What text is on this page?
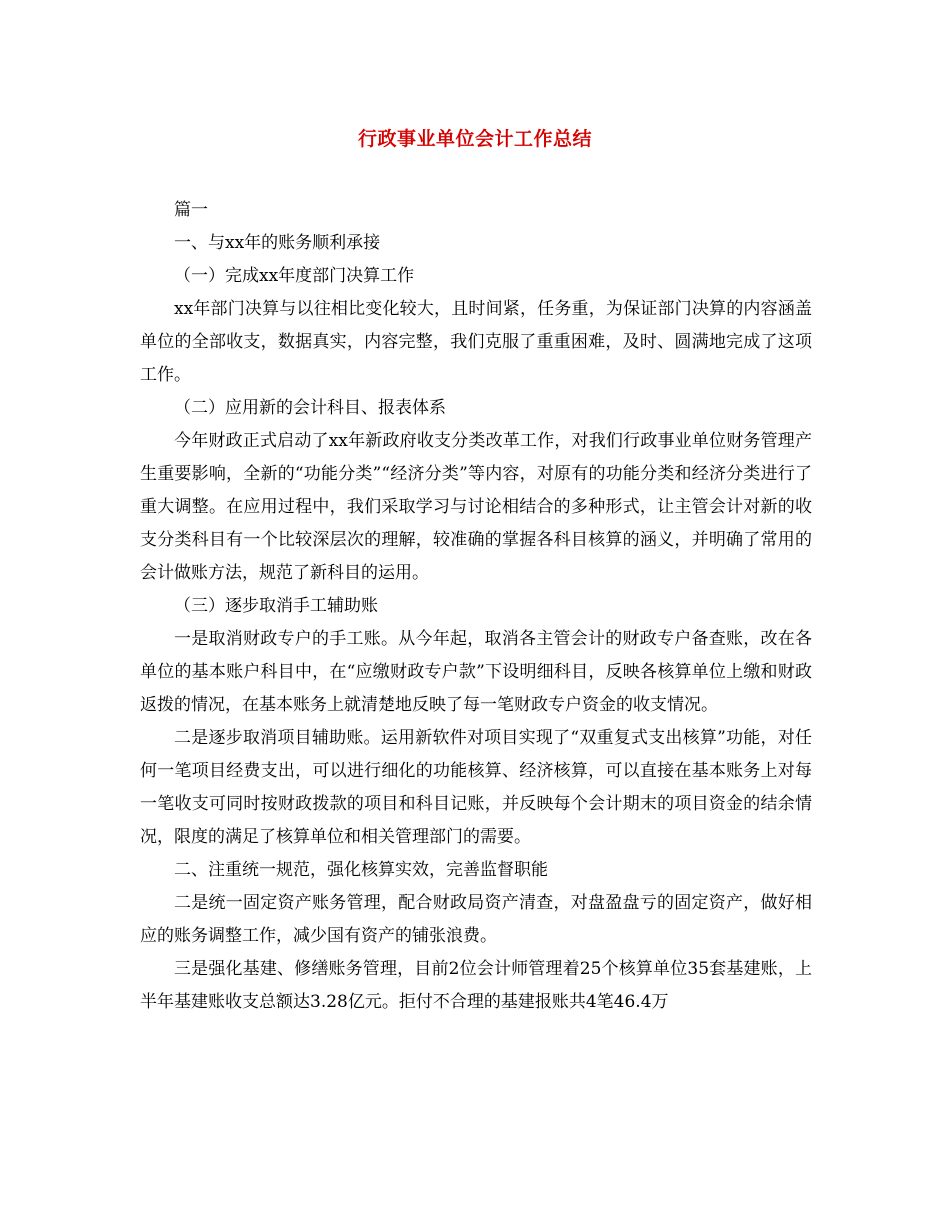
行政事业单位会计工作总结

篇一

一、与xx年的账务顺利承接

（一）完成xx年度部门决算工作

xx年部门决算与以往相比变化较大，且时间紧，任务重，为保证部门决算的内容涵盖单位的全部收支，数据真实，内容完整，我们克服了重重困难，及时、圆满地完成了这项工作。

（二）应用新的会计科目、报表体系

今年财政正式启动了xx年新政府收支分类改革工作，对我们行政事业单位财务管理产生重要影响，全新的“功能分类”“经济分类”等内容，对原有的功能分类和经济分类进行了重大调整。在应用过程中，我们采取学习与讨论相结合的多种形式，让主管会计对新的收支分类科目有一个比较深层次的理解，较准确的掌握各科目核算的涵义，并明确了常用的会计做账方法，规范了新科目的运用。

（三）逐步取消手工辅助账

一是取消财政专户的手工账。从今年起，取消各主管会计的财政专户备查账，改在各单位的基本账户科目中，在“应缴财政专户款”下设明细科目，反映各核算单位上缴和财政返拨的情况，在基本账务上就清楚地反映了每一笔财政专户资金的收支情况。

二是逐步取消项目辅助账。运用新软件对项目实现了“双重复式支出核算”功能，对任何一笔项目经费支出，可以进行细化的功能核算、经济核算，可以直接在基本账务上对每一笔收支可同时按财政拨款的项目和科目记账，并反映每个会计期末的项目资金的结余情况，限度的满足了核算单位和相关管理部门的需要。

二、注重统一规范，强化核算实效，完善监督职能

二是统一固定资产账务管理，配合财政局资产清查，对盘盈盘亏的固定资产，做好相应的账务调整工作，减少国有资产的铺张浪费。

三是强化基建、修缮账务管理，目前2位会计师管理着25个核算单位35套基建账，上半年基建账收支总额达3.28亿元。拒付不合理的基建报账共4笔46.4万
